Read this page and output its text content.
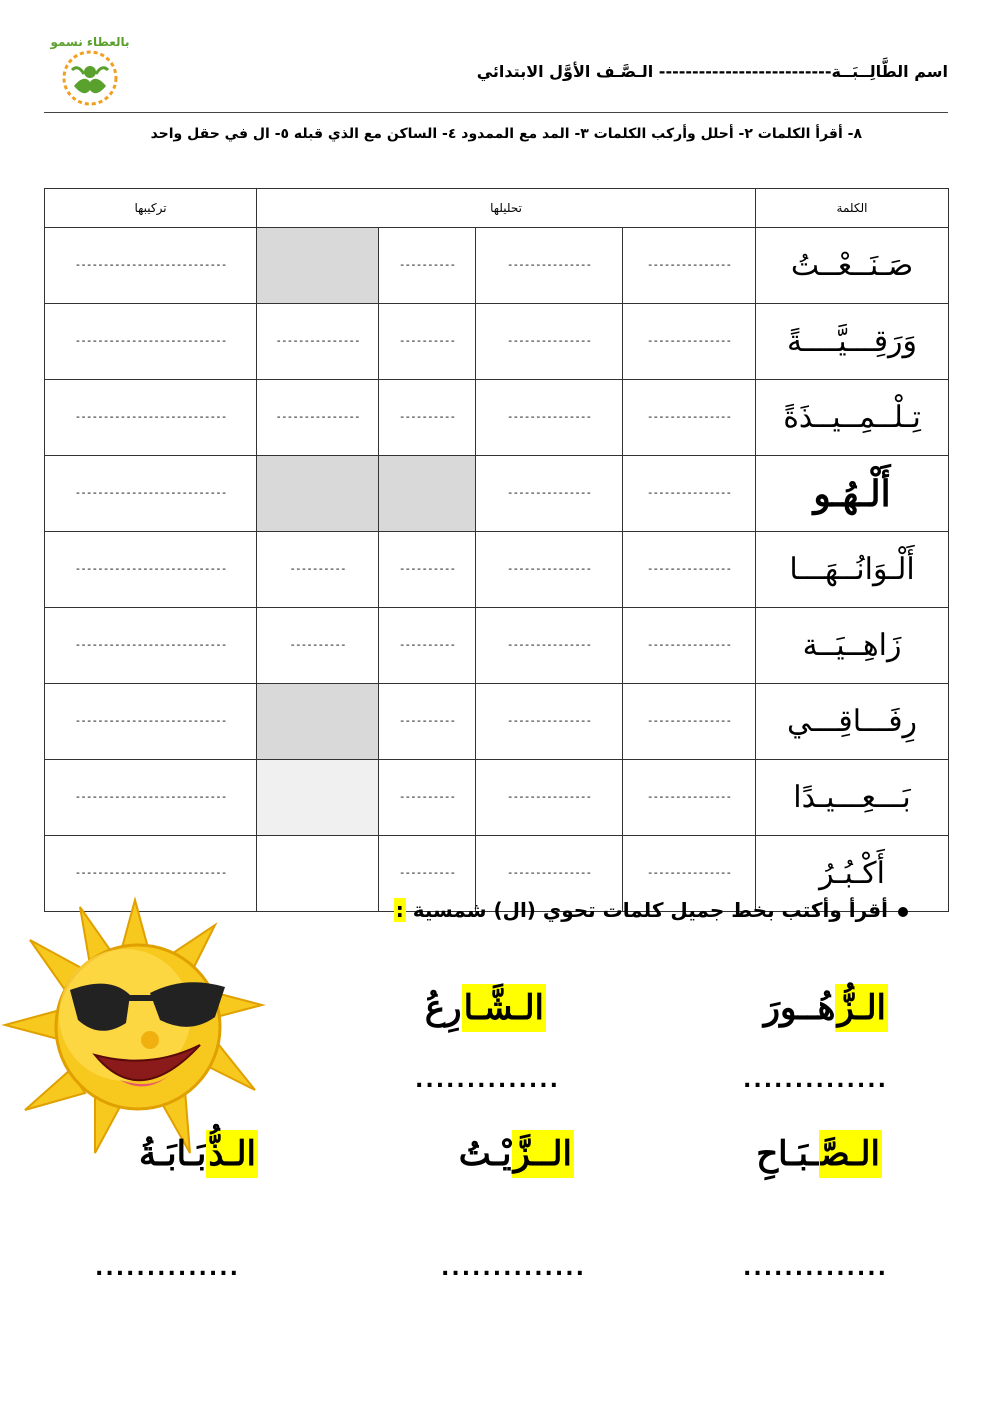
بالعطاء نسمو
اسم الطَّالِــبَــة-------------------------- الـصَّـف الأوَّل الابتدائي
٨- أقرأ الكلمات ٢- أحلل وأركب الكلمات ٣- المد مع الممدود ٤- الساكن مع الذي قبله ٥- ال في حقل واحد
تركيبها	تحليلها				الكلمة
---------------------------		----------	---------------	---------------	صَـنَــعْــتُ
---------------------------	---------------	----------	---------------	---------------	وَرَقِـــيَّــــةً
---------------------------	---------------	----------	---------------	---------------	تِـلْــمِــيــذَةً
---------------------------			---------------	---------------	أَلْـهُـو
---------------------------	----------	----------	---------------	---------------	أَلْـوَانُــهَـــا
---------------------------	----------	----------	---------------	---------------	زَاهِــيَــة
---------------------------		----------	---------------	---------------	رِفَـــاقِـــي
---------------------------		----------	---------------	---------------	بَـــعِـــيـدًا
---------------------------		----------	---------------	---------------	أَكْـبُـرُ
أقرأ وأكتب بخط جميل كلمات تحوي (ال) شمسية :
الـزُّهُــورَ
الـشَّـارِعُ
..............
..............
الـصَّـبَـاحِ
الــزَّيْـتُ
الـذُّبَـابَـةُ
..............
..............
..............
